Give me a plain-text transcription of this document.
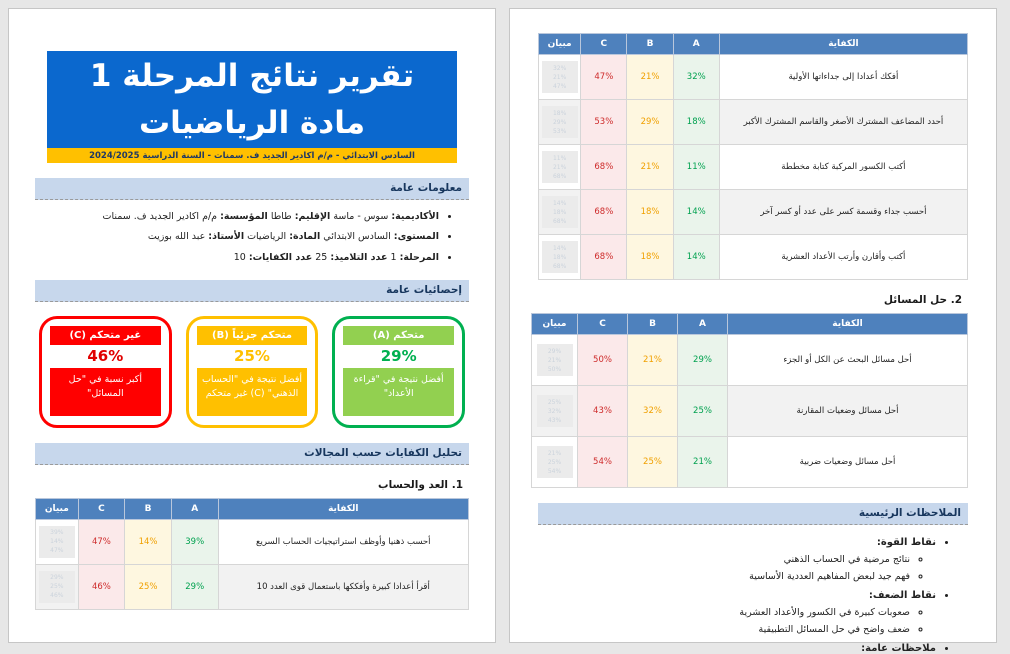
تقرير نتائج المرحلة 1
مادة الرياضيات
السادس الابتدائي - م/م اكادير الجديد ف. سمنات - السنة الدراسية 2024/2025
معلومات عامة
• الأكاديمية: سوس - ماسة الإقليم: طاطا المؤسسة: م/م اكادير الجديد ف. سمنات
• المستوى: السادس الابتدائي المادة: الرياضيات الأستاذ: عبد الله بوزيت
• المرحلة: 1 عدد التلاميذ: 25 عدد الكفايات: 10
إحصائيات عامة
متحكم (A)
29%
أفضل نتيجة في "قراءة الأعداد"
متحكم جزئياً (B)
25%
أفضل نتيجة في "الحساب الذهني" (C) غير متحكم
غير متحكم (C)
46%
أكبر نسبة في "حل المسائل"
تحليل الكفايات حسب المجالات
1. العد والحساب
الكفاية	A	B	C	مبيان
أحسب ذهنيا وأوظف استراتيجيات الحساب السريع	39%	14%	47%	39%
14%
47%

أقرأ أعدادا كبيرة وأفككها باستعمال قوى العدد 10	29%	25%	46%	29%
25%
46%
الكفاية	A	B	C	مبيان
أفكك أعدادا إلى جداءاتها الأولية	32%	21%	47%	32%
21%
47%

أحدد المضاعف المشترك الأصغر والقاسم المشترك الأكبر	18%	29%	53%	18%
29%
53%

أكتب الكسور المركبة كتابة مخططة	11%	21%	68%	11%
21%
68%

أحسب جداء وقسمة كسر على عدد أو كسر آخر	14%	18%	68%	14%
18%
68%

أكتب وأقارن وأرتب الأعداد العشرية	14%	18%	68%	14%
18%
68%
2. حل المسائل
الكفاية	A	B	C	مبيان
أحل مسائل البحث عن الكل أو الجزء	29%	21%	50%	29%
21%
50%

أحل مسائل وضعيات المقارنة	25%	32%	43%	25%
32%
43%

أحل مسائل وضعيات ضربية	21%	25%	54%	21%
25%
54%
الملاحظات الرئيسية
• نقاط القوة:
◦ نتائج مرضية في الحساب الذهني
◦ فهم جيد لبعض المفاهيم العددية الأساسية
• نقاط الضعف:
◦ صعوبات كبيرة في الكسور والأعداد العشرية
◦ ضعف واضح في حل المسائل التطبيقية
• ملاحظات عامة:
